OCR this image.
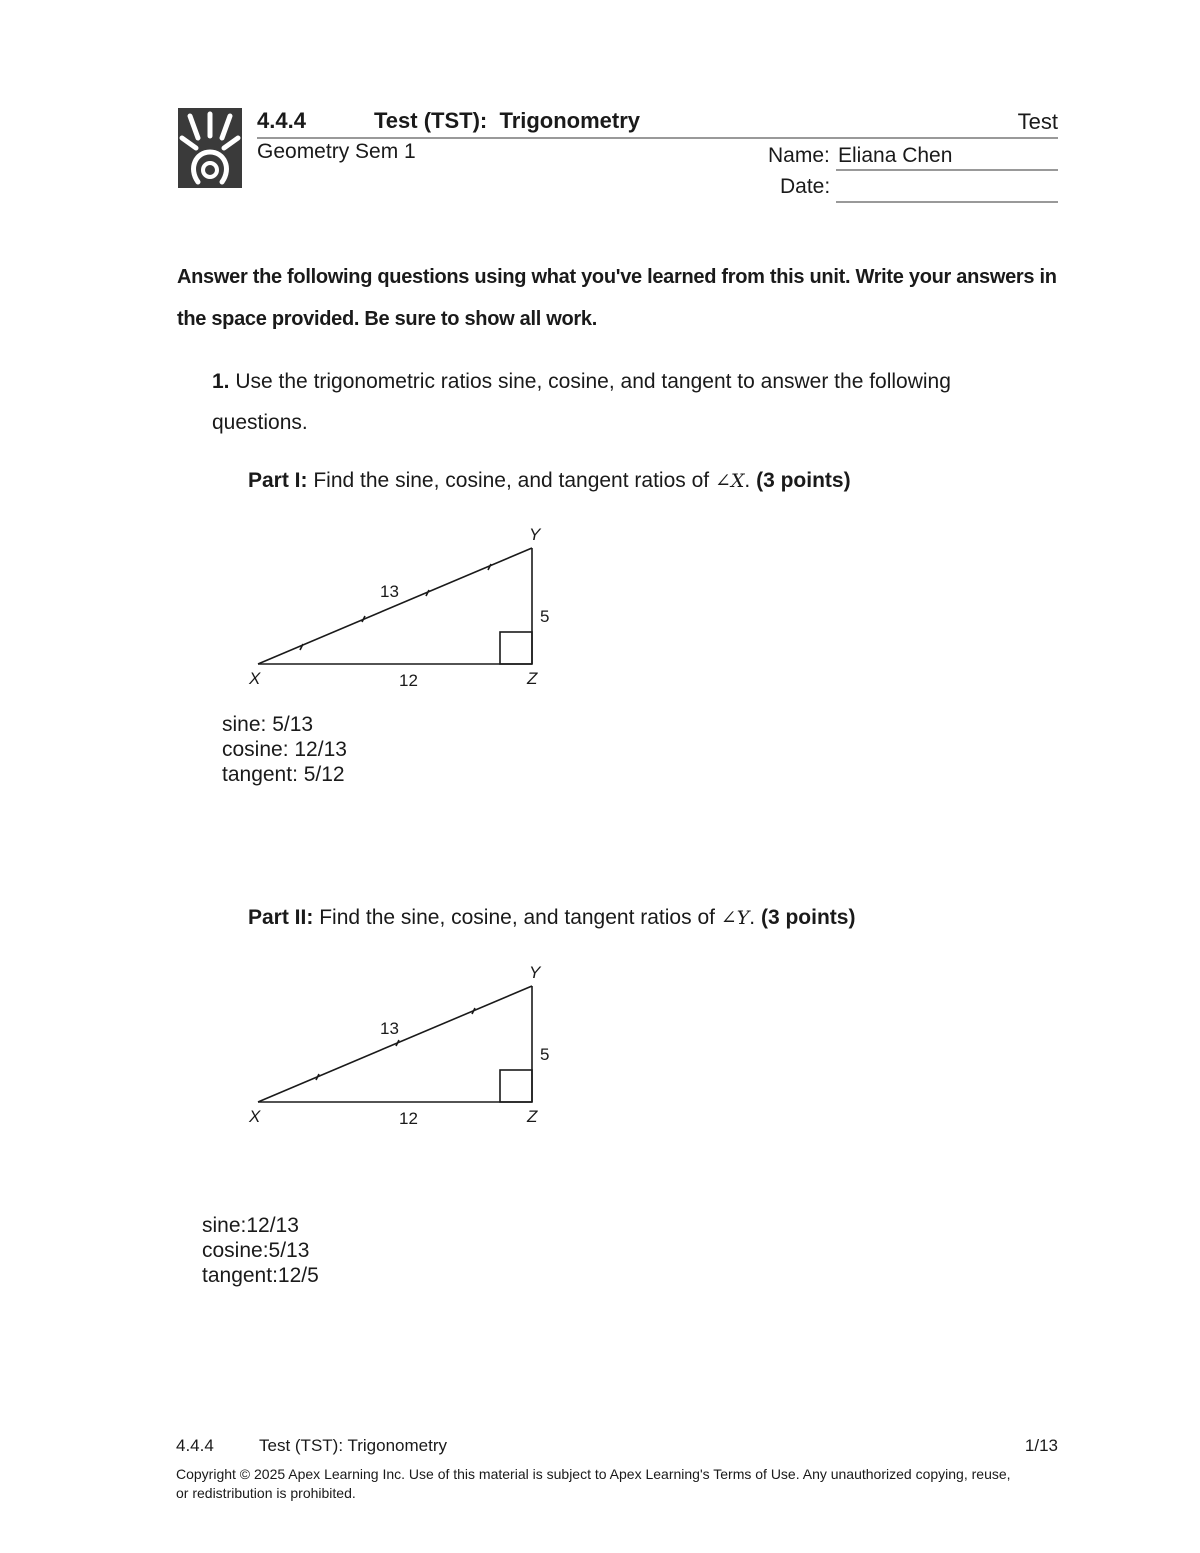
4.4.4	Test (TST):  Trigonometry	Test
Geometry Sem 1	Name: Eliana Chen
Date:
Answer the following questions using what you've learned from this unit. Write your answers in the space provided. Be sure to show all work.
1. Use the trigonometric ratios sine, cosine, and tangent to answer the following questions.
Part I: Find the sine, cosine, and tangent ratios of ∠X. (3 points)
Y
X	Z
13
5
12
sine: 5/13
cosine: 12/13
tangent: 5/12
Part II: Find the sine, cosine, and tangent ratios of ∠Y. (3 points)
Y
X	Z
13
5
12
sine:12/13
cosine:5/13
tangent:12/5
4.4.4	Test (TST): Trigonometry	1/13
Copyright © 2025 Apex Learning Inc. Use of this material is subject to Apex Learning's Terms of Use. Any unauthorized copying, reuse, or redistribution is prohibited.
